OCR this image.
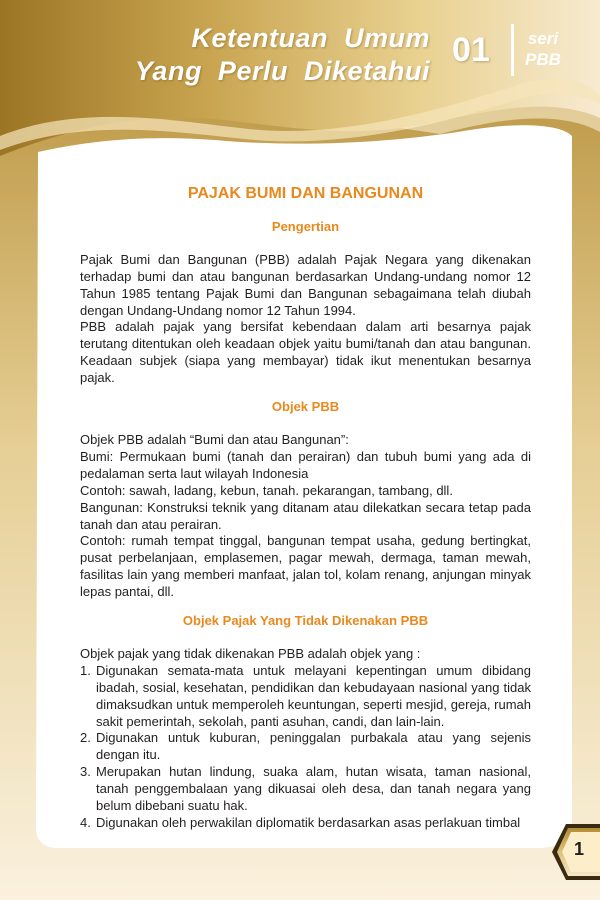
Ketentuan Umum
Yang Perlu Diketahui
01 seri
PBB
PAJAK BUMI DAN BANGUNAN
Pengertian

Pajak Bumi dan Bangunan (PBB) adalah Pajak Negara yang dikenakan terhadap bumi dan atau bangunan berdasarkan Undang-undang nomor 12 Tahun 1985 tentang Pajak Bumi dan Bangunan sebagaimana telah diubah dengan Undang-Undang nomor 12 Tahun 1994.

PBB adalah pajak yang bersifat kebendaan dalam arti besarnya pajak terutang ditentukan oleh keadaan objek yaitu bumi/tanah dan atau bangunan. Keadaan subjek (siapa yang membayar) tidak ikut menentukan besarnya pajak.

Objek PBB

Objek PBB adalah “Bumi dan atau Bangunan”:

Bumi: Permukaan bumi (tanah dan perairan) dan tubuh bumi yang ada di pedalaman serta laut wilayah Indonesia

Contoh: sawah, ladang, kebun, tanah. pekarangan, tambang, dll.

Bangunan: Konstruksi teknik yang ditanam atau dilekatkan secara tetap pada tanah dan atau perairan.

Contoh: rumah tempat tinggal, bangunan tempat usaha, gedung bertingkat, pusat perbelanjaan, emplasemen, pagar mewah, dermaga, taman mewah, fasilitas lain yang memberi manfaat, jalan tol, kolam renang, anjungan minyak lepas pantai, dll.

Objek Pajak Yang Tidak Dikenakan PBB

Objek pajak yang tidak dikenakan PBB adalah objek yang :

1. Digunakan semata-mata untuk melayani kepentingan umum dibidang ibadah, sosial, kesehatan, pendidikan dan kebudayaan nasional yang tidak dimaksudkan untuk memperoleh keuntungan, seperti mesjid, gereja, rumah sakit pemerintah, sekolah, panti asuhan, candi, dan lain-lain.
2. Digunakan untuk kuburan, peninggalan purbakala atau yang sejenis dengan itu.
3. Merupakan hutan lindung, suaka alam, hutan wisata, taman nasional, tanah penggembalaan yang dikuasai oleh desa, dan tanah negara yang belum dibebani suatu hak.
4. Digunakan oleh perwakilan diplomatik berdasarkan asas perlakuan timbal
1
